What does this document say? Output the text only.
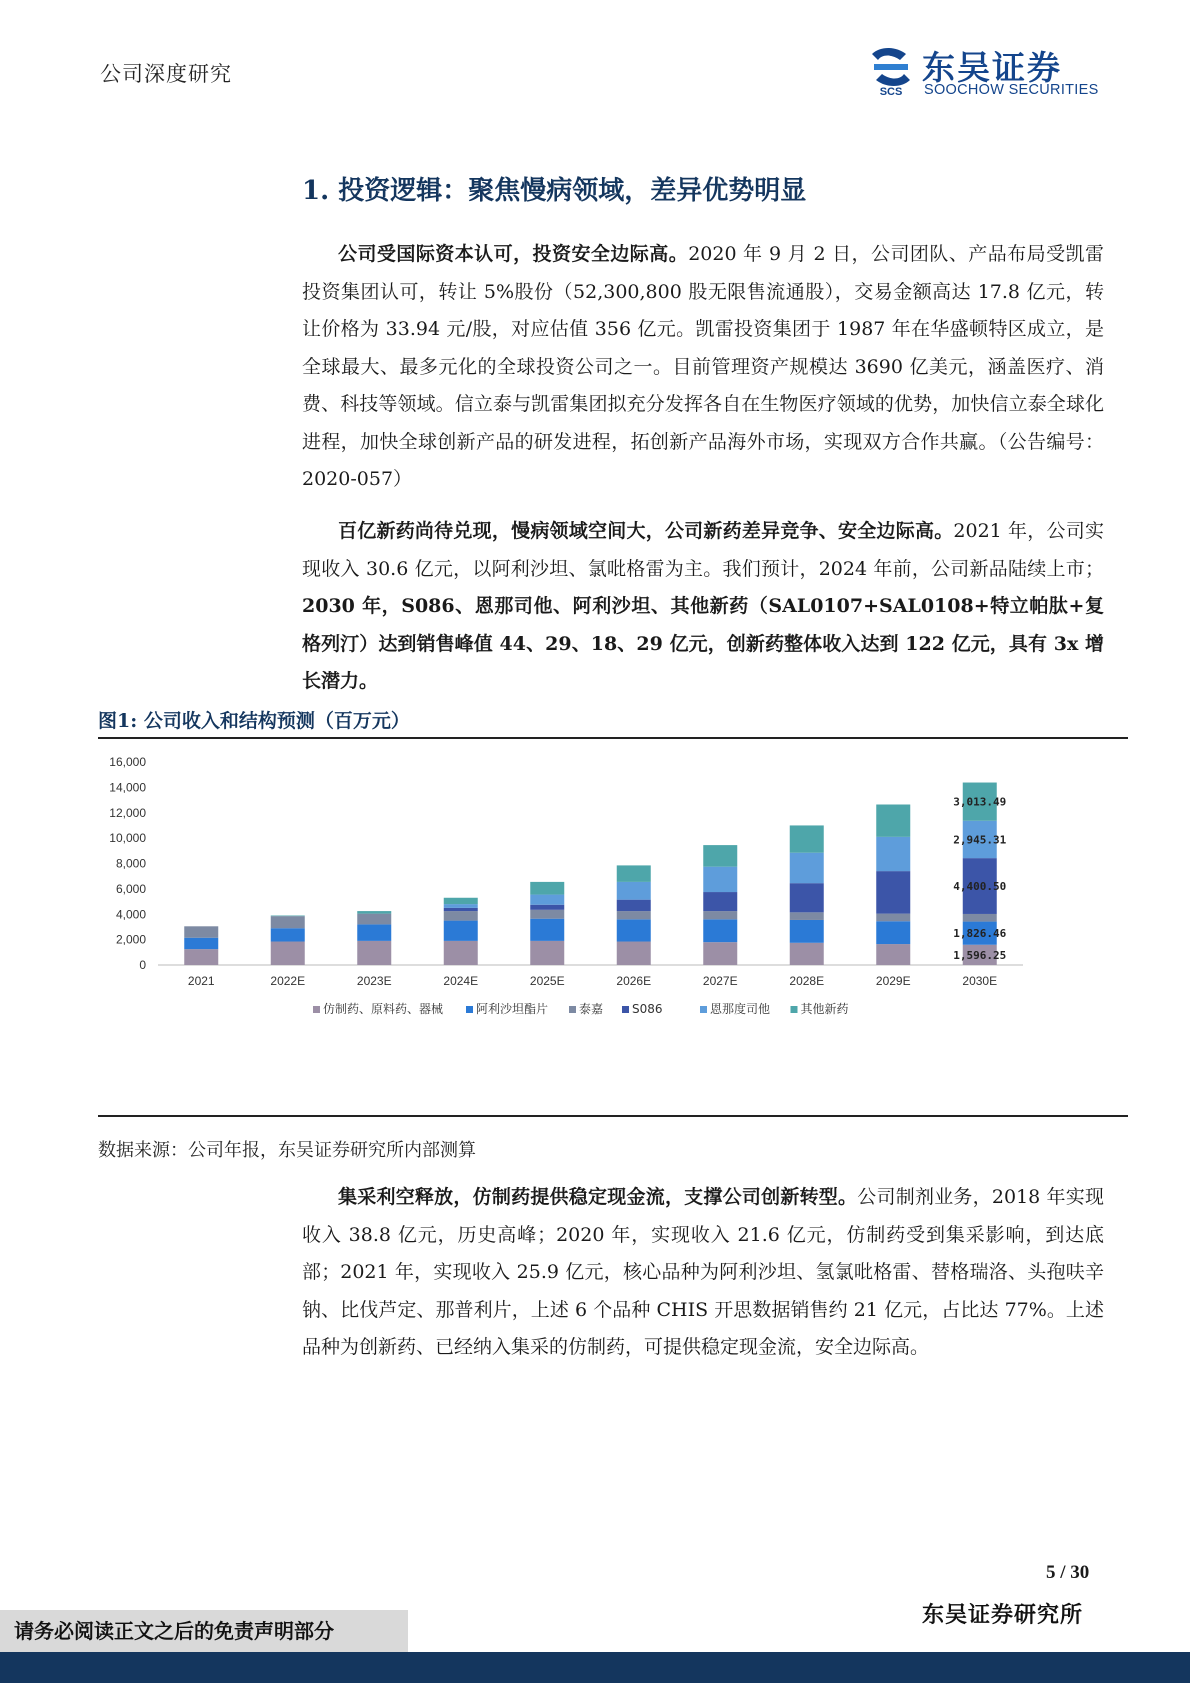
公司深度研究
SCS
东吴证券
SOOCHOW SECURITIES
1. 投资逻辑：聚焦慢病领域，差异优势明显

公司受国际资本认可，投资安全边际高。2020 年 9 月 2 日，公司团队、产品布局受凯雷投资集团认可，转让 5%股份（52,300,800 股无限售流通股），交易金额高达 17.8 亿元，转让价格为 33.94 元/股，对应估值 356 亿元。凯雷投资集团于 1987 年在华盛顿特区成立，是全球最大、最多元化的全球投资公司之一。目前管理资产规模达 3690 亿美元，涵盖医疗、消费、科技等领域。信立泰与凯雷集团拟充分发挥各自在生物医疗领域的优势，加快信立泰全球化进程，加快全球创新产品的研发进程，拓创新产品海外市场，实现双方合作共赢。（公告编号：2020-057）

百亿新药尚待兑现，慢病领域空间大，公司新药差异竞争、安全边际高。2021 年，公司实现收入 30.6 亿元，以阿利沙坦、氯吡格雷为主。我们预计，2024 年前，公司新品陆续上市；2030 年，S086、恩那司他、阿利沙坦、其他新药（SAL0107+SAL0108+特立帕肽+复格列汀）达到销售峰值 44、29、18、29 亿元，创新药整体收入达到 122 亿元，具有 3x 增长潜力。

图1: 公司收入和结构预测（百万元）
0
2,000
4,000
6,000
8,000
10,000
12,000
14,000
16,000
2021	2022E	2023E	2024E	2025E	2026E	2027E	2028E	2029E	2030E
1,596.25
1,826.46
4,400.50
2,945.31
3,013.49
仿制药、原料药、器械	阿利沙坦酯片	泰嘉 S086	恩那度司他	其他新药
数据来源：公司年报，东吴证券研究所内部测算

集采利空释放，仿制药提供稳定现金流，支撑公司创新转型。公司制剂业务，2018 年实现收入 38.8 亿元，历史高峰；2020 年，实现收入 21.6 亿元，仿制药受到集采影响，到达底部；2021 年，实现收入 25.9 亿元，核心品种为阿利沙坦、氢氯吡格雷、替格瑞洛、头孢呋辛钠、比伐芦定、那普利片，上述 6 个品种 CHIS 开思数据销售约 21 亿元，占比达 77%。上述品种为创新药、已经纳入集采的仿制药，可提供稳定现金流，安全边际高。

5 / 30
请务必阅读正文之后的免责声明部分
东吴证券研究所
